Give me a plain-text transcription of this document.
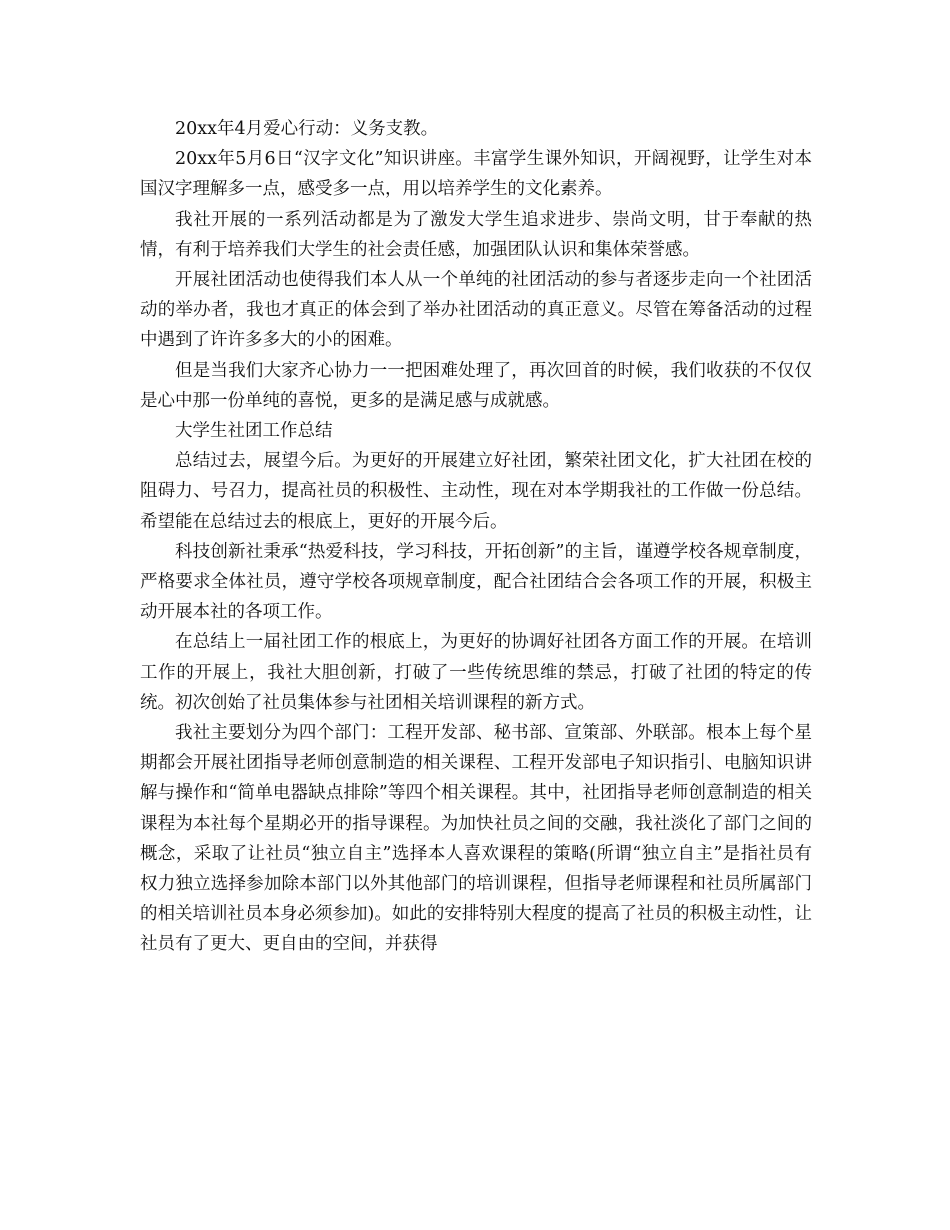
20xx年4月爱心行动：义务支教。

20xx年5月6日“汉字文化”知识讲座。丰富学生课外知识，开阔视野，让学生对本国汉字理解多一点，感受多一点，用以培养学生的文化素养。

我社开展的一系列活动都是为了激发大学生追求进步、崇尚文明，甘于奉献的热情，有利于培养我们大学生的社会责任感，加强团队认识和集体荣誉感。

开展社团活动也使得我们本人从一个单纯的社团活动的参与者逐步走向一个社团活动的举办者，我也才真正的体会到了举办社团活动的真正意义。尽管在筹备活动的过程中遇到了许许多多大的小的困难。

但是当我们大家齐心协力一一把困难处理了，再次回首的时候，我们收获的不仅仅是心中那一份单纯的喜悦，更多的是满足感与成就感。

大学生社团工作总结

总结过去，展望今后。为更好的开展建立好社团，繁荣社团文化，扩大社团在校的阻碍力、号召力，提高社员的积极性、主动性，现在对本学期我社的工作做一份总结。希望能在总结过去的根底上，更好的开展今后。

科技创新社秉承“热爱科技，学习科技，开拓创新”的主旨，谨遵学校各规章制度，严格要求全体社员，遵守学校各项规章制度，配合社团结合会各项工作的开展，积极主动开展本社的各项工作。

在总结上一届社团工作的根底上，为更好的协调好社团各方面工作的开展。在培训工作的开展上，我社大胆创新，打破了一些传统思维的禁忌，打破了社团的特定的传统。初次创始了社员集体参与社团相关培训课程的新方式。

我社主要划分为四个部门：工程开发部、秘书部、宣策部、外联部。根本上每个星期都会开展社团指导老师创意制造的相关课程、工程开发部电子知识指引、电脑知识讲解与操作和“简单电器缺点排除”等四个相关课程。其中，社团指导老师创意制造的相关课程为本社每个星期必开的指导课程。为加快社员之间的交融，我社淡化了部门之间的概念，采取了让社员“独立自主”选择本人喜欢课程的策略(所谓“独立自主”是指社员有权力独立选择参加除本部门以外其他部门的培训课程，但指导老师课程和社员所属部门的相关培训社员本身必须参加)。如此的安排特别大程度的提高了社员的积极主动性，让社员有了更大、更自由的空间，并获得
